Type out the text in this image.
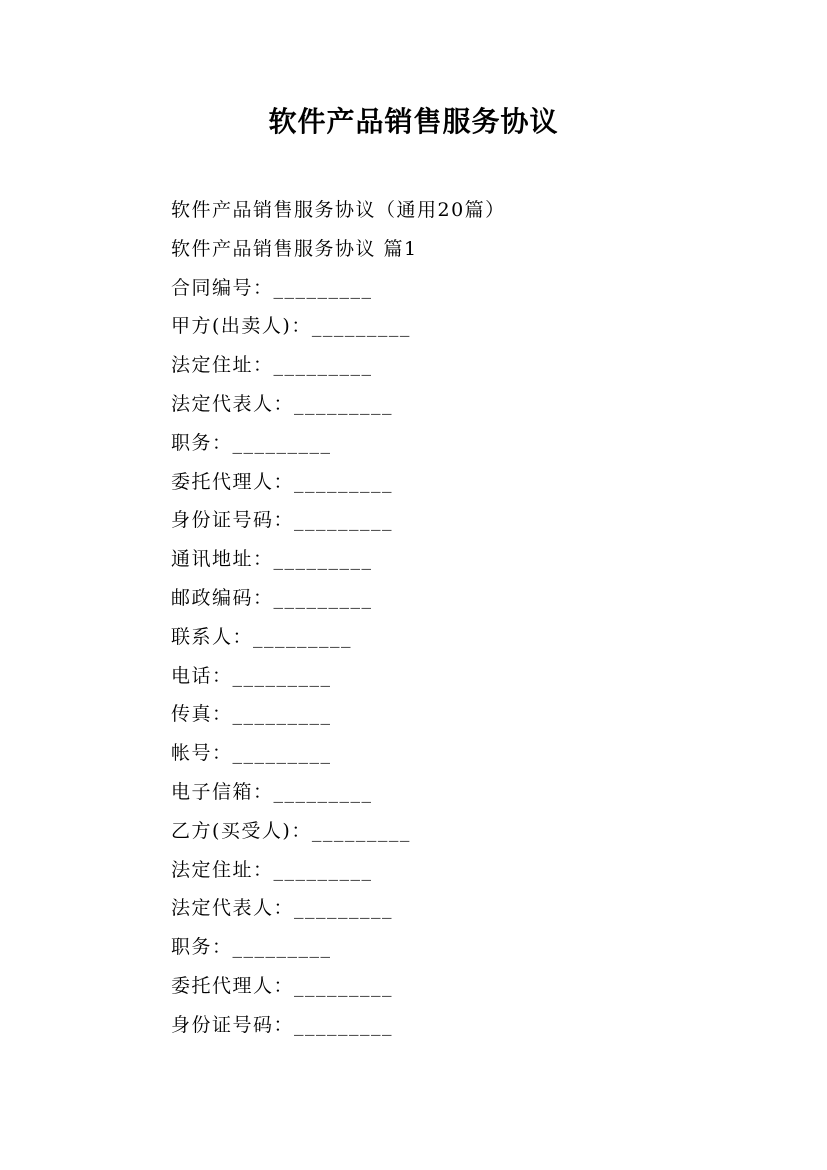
软件产品销售服务协议
软件产品销售服务协议（通用20篇）
软件产品销售服务协议 篇1
合同编号：_________
甲方(出卖人)：_________
法定住址：_________
法定代表人：_________
职务：_________
委托代理人：_________
身份证号码：_________
通讯地址：_________
邮政编码：_________
联系人：_________
电话：_________
传真：_________
帐号：_________
电子信箱：_________
乙方(买受人)：_________
法定住址：_________
法定代表人：_________
职务：_________
委托代理人：_________
身份证号码：_________
